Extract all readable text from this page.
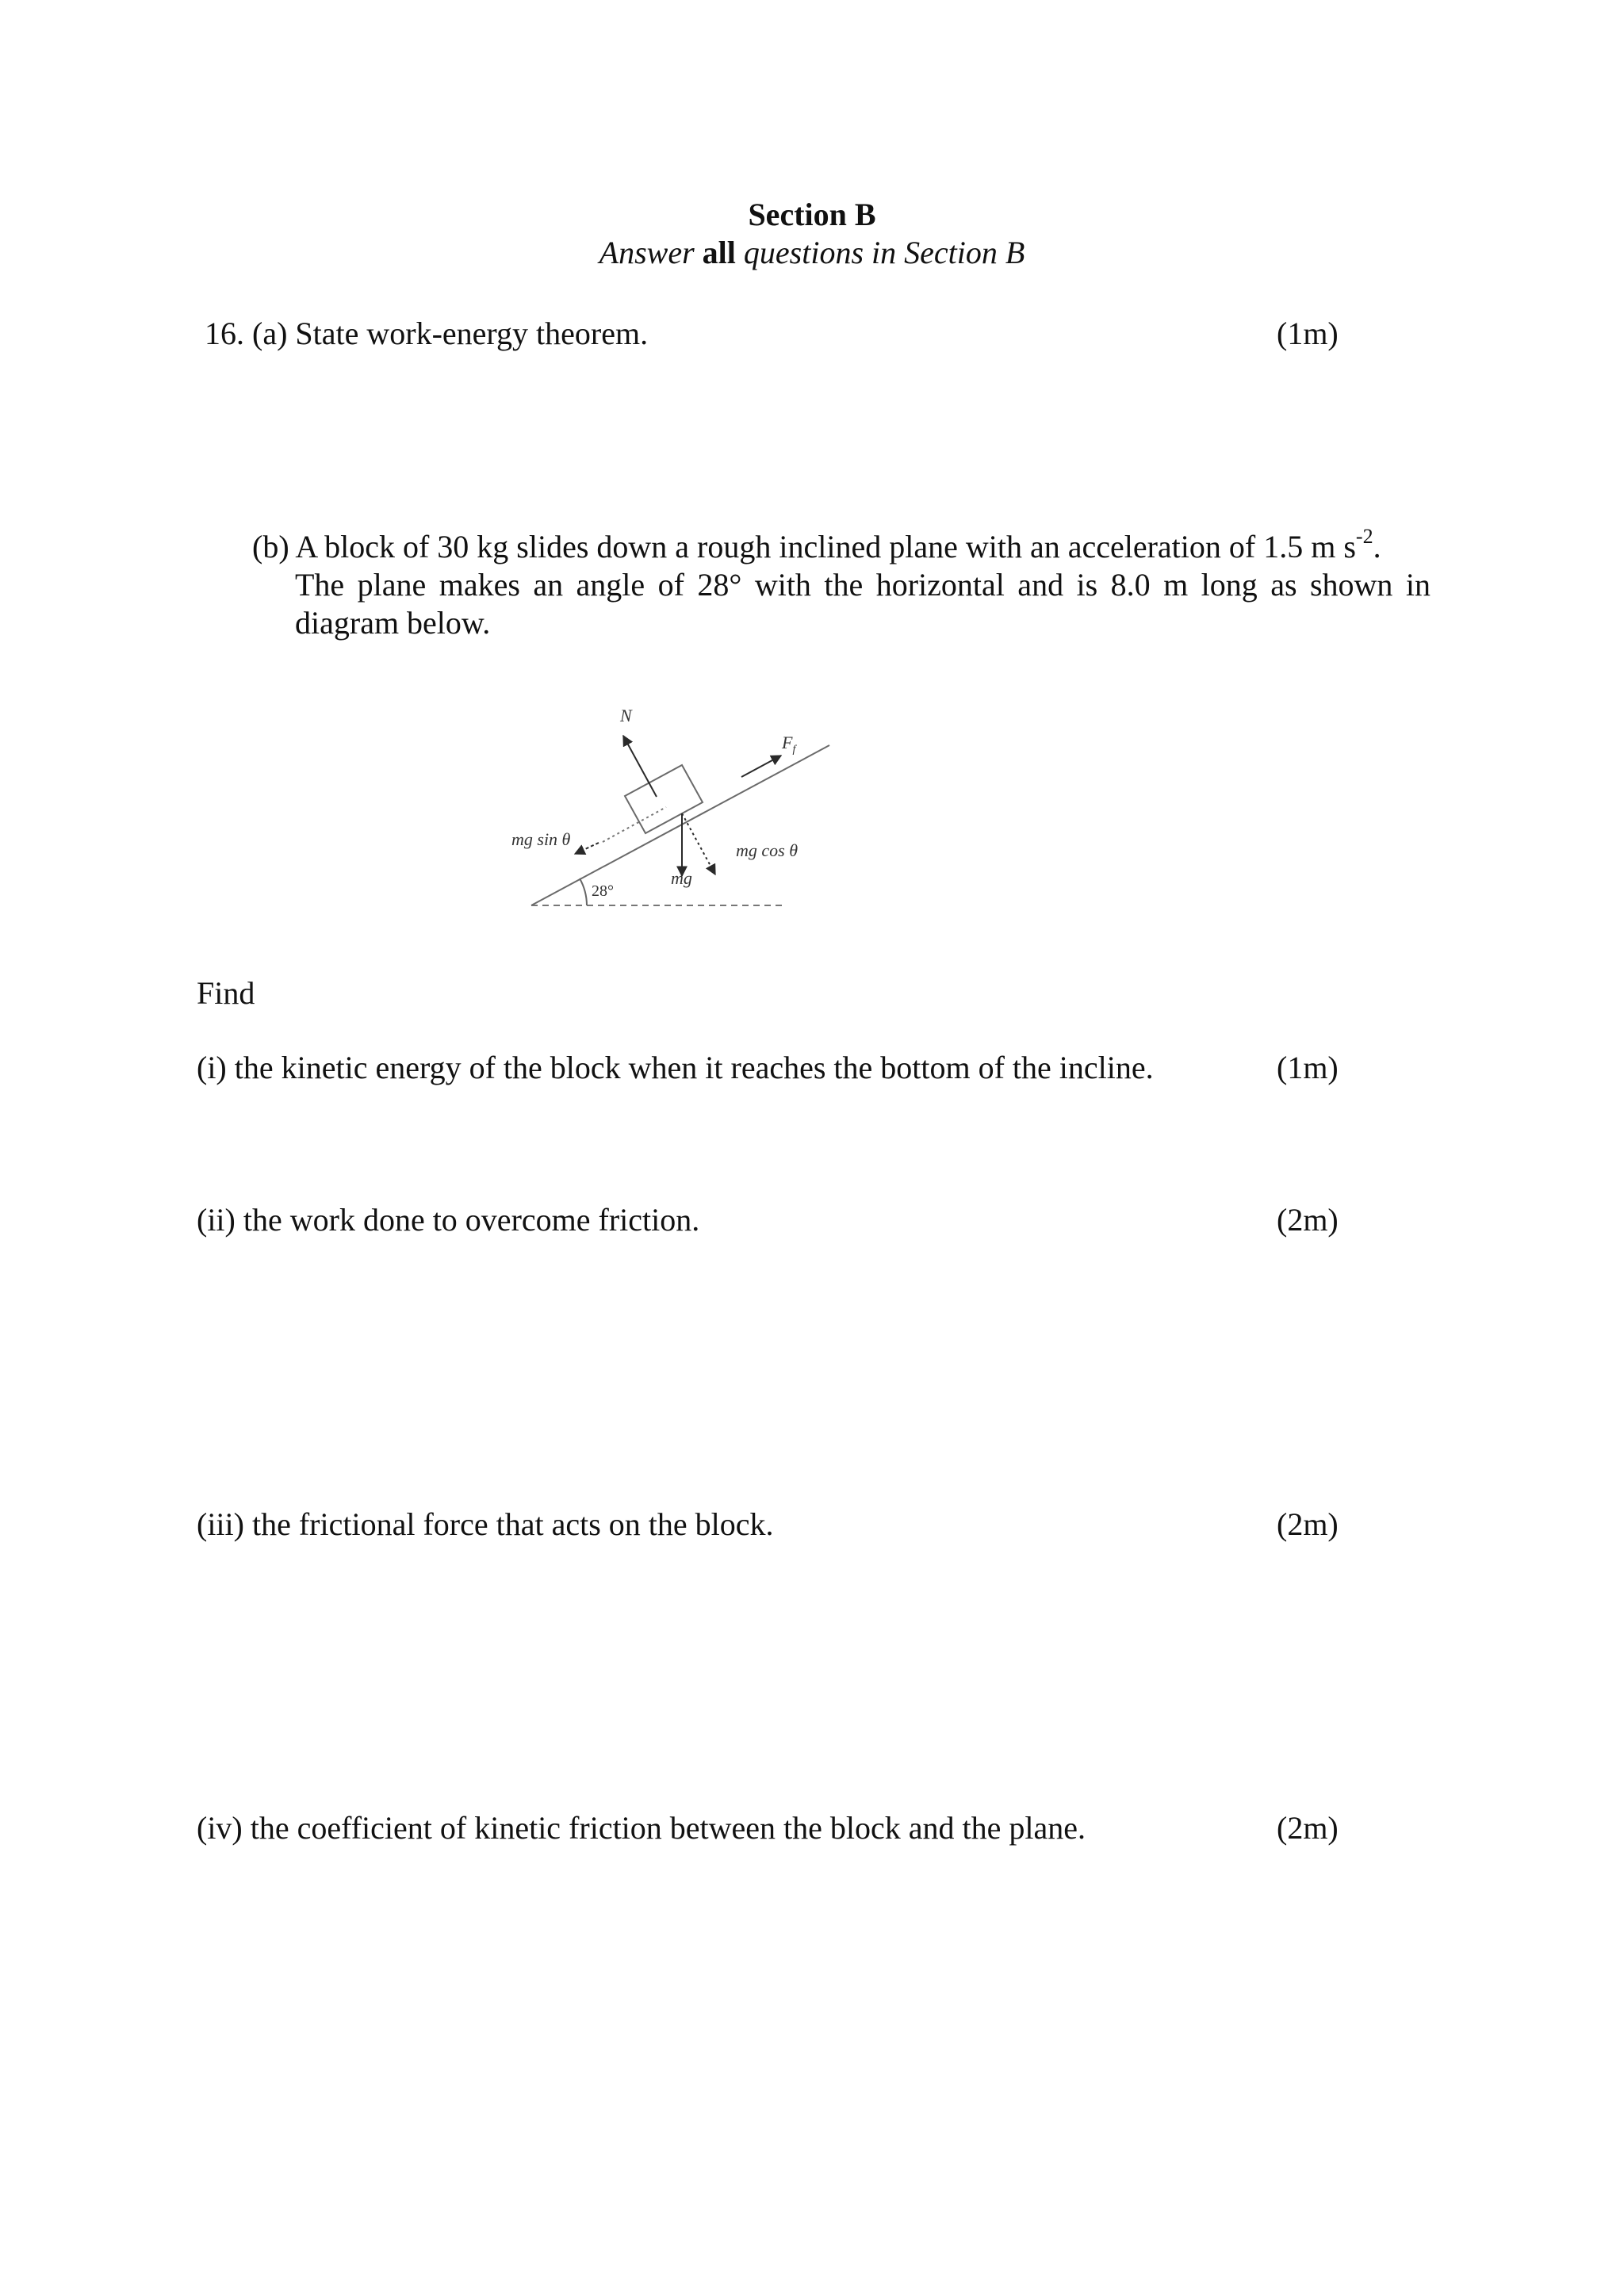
Section B

Answer all questions in Section B

16. (a) State work-energy theorem.	(1m)

(b) A block of 30 kg slides down a rough inclined plane with an acceleration of 1.5 m $s^{-2}$.
The plane makes an angle of 28° with the horizontal and is 8.0 m long as shown in
diagram below.
N
$F_f$
mg sin θ
mg cos θ
mg
28°

Find

(i) the kinetic energy of the block when it reaches the bottom of the incline.	(1m)

(ii) the work done to overcome friction.	(2m)

(iii) the frictional force that acts on the block.	(2m)

(iv) the coefficient of kinetic friction between the block and the plane.	(2m)
